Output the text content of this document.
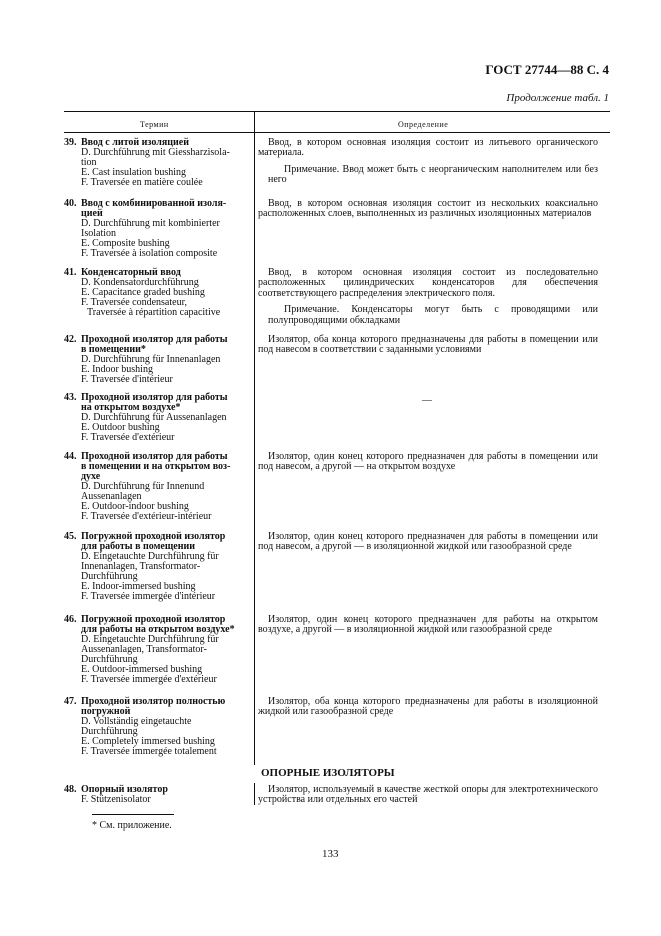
ГОСТ 27744—88 С. 4
Продолжение табл. 1
Термин	Определение
—
ОПОРНЫЕ ИЗОЛЯТОРЫ
* См. приложение.
133
39. Ввод с литой изоляцией
D. Durchführung mit Giessharzisola-
tion
E. Cast insulation bushing
F. Traversée en matière coulée

Ввод, в котором основная изоляция состоит из литьевого органического материала.

Примечание. Ввод может быть с неорганическим наполнителем или без него

40. Ввод с комбинированной изоля-
цией
D. Durchführung mit kombinierter
Isolation
E. Composite bushing
F. Traversée à isolation composite

Ввод, в котором основная изоляция состоит из нескольких коаксиально расположенных слоев, выполненных из различных изоляционных материалов

41. Конденсаторный ввод
D. Kondensatordurchführung
E. Capacitance graded bushing
F. Traversée condensateur,
Traversée à répartition capacitive

Ввод, в котором основная изоляция состоит из последовательно расположенных цилиндрических конденсаторов для обеспечения соответствующего распределения электрического поля.

Примечание. Конденсаторы могут быть с проводящими или полупроводящими обкладками

42. Проходной изолятор для работы
в помещении*
D. Durchführung für Innenanlagen
E. Indoor bushing
F. Traversée d'intérieur

Изолятор, оба конца которого предназначены для работы в помещении или под навесом в соответствии с заданными условиями

43. Проходной изолятор для работы
на открытом воздухе*
D. Durchführung für Aussenanlagen
E. Outdoor bushing
F. Traversée d'extérieur
44. Проходной изолятор для работы
в помещении и на открытом воз-
духе
D. Durchführung für Innenund
Aussenanlagen
E. Outdoor-indoor bushing
F. Traversée d'extérieur-intérieur

Изолятор, один конец которого предназначен для работы в помещении или под навесом, а другой — на открытом воздухе

45. Погружной проходной изолятор
для работы в помещении
D. Eingetauchte Durchführung für
Innenanlagen, Transformator-
Durchführung
E. Indoor-immersed bushing
F. Traversée immergée d'intérieur

Изолятор, один конец которого предназначен для работы в помещении или под навесом, а другой — в изоляционной жидкой или газообразной среде

46. Погружной проходной изолятор
для работы на открытом воздухе*
D. Eingetauchte Durchführung für
Aussenanlagen, Transformator-
Durchführung
E. Outdoor-immersed bushing
F. Traversée immergée d'extérieur

Изолятор, один конец которого предназначен для работы на открытом воздухе, а другой — в изоляционной жидкой или газообразной среде

47. Проходной изолятор полностью
погружной
D. Vollständig eingetauchte
Durchführung
E. Completely immersed bushing
F. Traversée immergée totalement

Изолятор, оба конца которого предназначены для работы в изоляционной жидкой или газообразной среде

48. Опорный изолятор
F. Stützenisolator

Изолятор, используемый в качестве жесткой опоры для электротехнического устройства или отдельных его частей
